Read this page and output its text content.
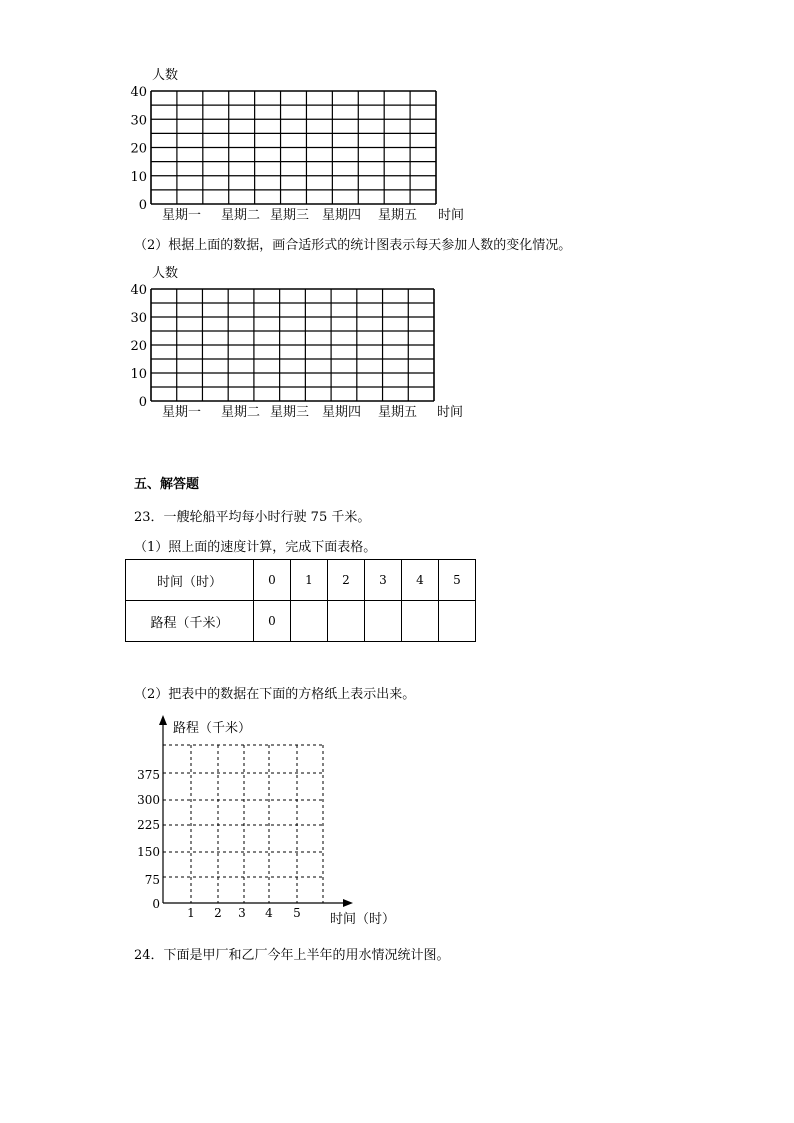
人数
40
30
20
10
0
星期一 星期二 星期三 星期四 星期五 时间
（2）根据上面的数据，画合适形式的统计图表示每天参加人数的变化情况。
人数
40
30
20
10
0
星期一 星期二 星期三 星期四 星期五 时间
五、解答题
23．一艘轮船平均每小时行驶 75 千米。
（1）照上面的速度计算，完成下面表格。
时间（时）	0	1	2	3	4	5
路程（千米）	0					
（2）把表中的数据在下面的方格纸上表示出来。
路程（千米）
时间（时）
375
300
225
150
75
0
1 2 3 4 5
24．下面是甲厂和乙厂今年上半年的用水情况统计图。
